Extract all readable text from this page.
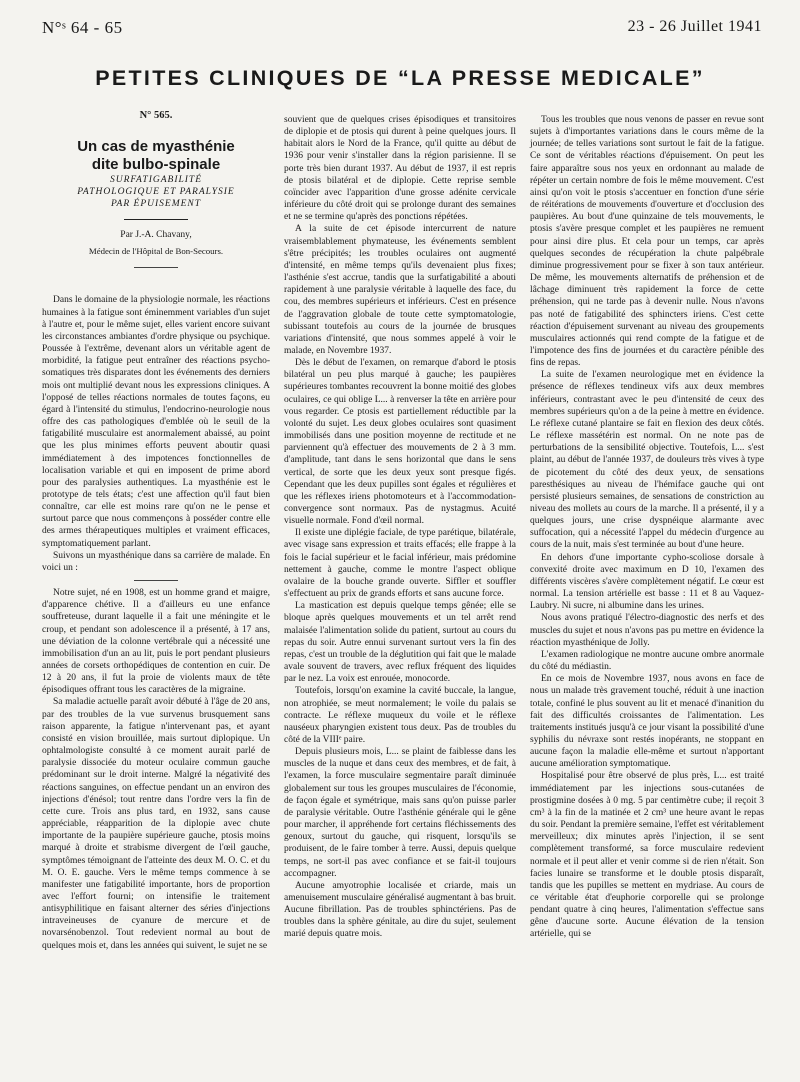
N°ˢ 64 - 65	23 - 26 Juillet 1941
PETITES CLINIQUES DE “LA PRESSE MEDICALE”
N° 565.
Un cas de myasthénie
dite bulbo-spinale
SURFATIGABILITÉ
PATHOLOGIQUE ET PARALYSIE
PAR ÉPUISEMENT
Par J.-A. Chavany,
Médecin de l'Hôpital de Bon-Secours.

Dans le domaine de la physiologie normale, les réactions humaines à la fatigue sont éminemment variables d'un sujet à l'autre et, pour le même sujet, elles varient encore suivant les circonstances ambiantes d'ordre physique ou psychique. Poussée à l'extrême, devenant alors un véritable agent de morbidité, la fatigue peut entraîner des réactions psycho-somatiques très disparates dont les événements des derniers mois ont multiplié devant nous les expressions cliniques. A l'opposé de telles réactions normales de toutes façons, eu égard à l'intensité du stimulus, l'endocrino-neurologie nous offre des cas pathologiques d'emblée où le seuil de la fatigabilité musculaire est anormalement abaissé, au point que les plus minimes efforts peuvent aboutir quasi immédiatement à des impotences fonctionnelles de localisation variable et qui en imposent de prime abord pour des paralysies authentiques. La myasthénie est le prototype de tels états; c'est une affection qu'il faut bien connaître, car elle est moins rare qu'on ne le pense et surtout parce que nous commençons à posséder contre elle des armes thérapeutiques multiples et vraiment efficaces, symptomatiquement parlant.

Suivons un myasthénique dans sa carrière de malade. En voici un :

Notre sujet, né en 1908, est un homme grand et maigre, d'apparence chétive. Il a d'ailleurs eu une enfance souffreteuse, durant laquelle il a fait une méningite et le croup, et pendant son adolescence il a présenté, à 17 ans, une déviation de la colonne vertébrale qui a nécessité une immobilisation d'un an au lit, puis le port pendant plusieurs années de corsets orthopédiques de contention en cuir. De 12 à 20 ans, il fut la proie de violents maux de tête épisodiques offrant tous les caractères de la migraine.

Sa maladie actuelle paraît avoir débuté à l'âge de 20 ans, par des troubles de la vue survenus brusquement sans raison apparente, la fatigue n'intervenant pas, et ayant consisté en vision brouillée, mais surtout diplopique. Un ophtalmologiste consulté à ce moment aurait parlé de paralysie dissociée du moteur oculaire commun gauche prédominant sur le droit interne. Malgré la négativité des réactions sanguines, on effectue pendant un an environ des injections d'énésol; tout rentre dans l'ordre vers la fin de cette cure. Trois ans plus tard, en 1932, sans cause appréciable, réapparition de la diplopie avec chute importante de la paupière supérieure gauche, ptosis moins marqué à droite et strabisme divergent de l'œil gauche, symptômes témoignant de l'atteinte des deux M. O. C. et du M. O. E. gauche. Vers le même temps commence à se manifester une fatigabilité importante, hors de proportion avec l'effort fourni; on intensifie le traitement antisyphilitique en faisant alterner des séries d'injections intraveineuses de cyanure de mercure et de novarsénobenzol. Tout redevient normal au bout de quelques mois et, dans les années qui suivent, le sujet ne se

souvient que de quelques crises épisodiques et transitoires de diplopie et de ptosis qui durent à peine quelques jours. Il habitait alors le Nord de la France, qu'il quitte au début de 1936 pour venir s'installer dans la région parisienne. Il se porte très bien durant 1937. Au début de 1937, il est repris de ptosis bilatéral et de diplopie. Cette reprise semble coïncider avec l'apparition d'une grosse adénite cervicale inférieure du côté droit qui se prolonge durant des semaines et ne se termine qu'après des ponctions répétées.

A la suite de cet épisode intercurrent de nature vraisemblablement phymateuse, les événements semblent s'être précipités; les troubles oculaires ont augmenté d'intensité, en même temps qu'ils devenaient plus fixes; l'asthénie s'est accrue, tandis que la surfatigabilité a abouti rapidement à une paralysie véritable à laquelle des face, du cou, des membres supérieurs et inférieurs. C'est en présence de l'aggravation globale de toute cette symptomatologie, subissant toutefois au cours de la journée de brusques variations d'intensité, que nous sommes appelé à voir le malade, en Novembre 1937.

Dès le début de l'examen, on remarque d'abord le ptosis bilatéral un peu plus marqué à gauche; les paupières supérieures tombantes recouvrent la bonne moitié des globes oculaires, ce qui oblige L... à renverser la tête en arrière pour vous regarder. Ce ptosis est partiellement réductible par la volonté du sujet. Les deux globes oculaires sont quasiment immobilisés dans une position moyenne de rectitude et ne parviennent qu'à effectuer des mouvements de 2 à 3 mm. d'amplitude, tant dans le sens horizontal que dans le sens vertical, de sorte que les deux yeux sont presque figés. Cependant que les deux pupilles sont égales et régulières et que les réflexes iriens photomoteurs et à l'accommodation-convergence sont normaux. Pas de nystagmus. Acuité visuelle normale. Fond d'œil normal.

Il existe une diplégie faciale, de type parétique, bilatérale, avec visage sans expression et traits effacés; elle frappe à la fois le facial supérieur et le facial inférieur, mais prédomine nettement à gauche, comme le montre l'aspect oblique ovalaire de la bouche grande ouverte. Siffler et souffler s'effectuent au prix de grands efforts et sans aucune force.

La mastication est depuis quelque temps gênée; elle se bloque après quelques mouvements et un tel arrêt rend malaisée l'alimentation solide du patient, surtout au cours du repas du soir. Autre ennui survenant surtout vers la fin des repas, c'est un trouble de la déglutition qui fait que le malade avale souvent de travers, avec reflux fréquent des liquides par le nez. La voix est enrouée, monocorde.

Toutefois, lorsqu'on examine la cavité buccale, la langue, non atrophiée, se meut normalement; le voile du palais se contracte. Le réflexe muqueux du voile et le réflexe nauséeux pharyngien existent tous deux. Pas de troubles du côté de la VIIIᵉ paire.

Depuis plusieurs mois, L... se plaint de faiblesse dans les muscles de la nuque et dans ceux des membres, et de fait, à l'examen, la force musculaire segmentaire paraît diminuée globalement sur tous les groupes musculaires de l'économie, de façon égale et symétrique, mais sans qu'on puisse parler de paralysie véritable. Outre l'asthénie générale qui le gêne pour marcher, il appréhende fort certains fléchissements des genoux, surtout du gauche, qui risquent, lorsqu'ils se produisent, de le faire tomber à terre. Aussi, depuis quelque temps, ne sort-il pas avec confiance et se fait-il toujours accompagner.

Aucune amyotrophie localisée et criarde, mais un amenuisement musculaire généralisé augmentant à bas bruit. Aucune fibrillation. Pas de troubles sphinctériens. Pas de troubles dans la sphère génitale, au dire du sujet, seulement marié depuis quatre mois.

Tous les troubles que nous venons de passer en revue sont sujets à d'importantes variations dans le cours même de la journée; de telles variations sont surtout le fait de la fatigue. Ce sont de véritables réactions d'épuisement. On peut les faire apparaître sous nos yeux en ordonnant au malade de répéter un certain nombre de fois le même mouvement. C'est ainsi qu'on voit le ptosis s'accentuer en fonction d'une série de réitérations de mouvements d'ouverture et d'occlusion des paupières. Au bout d'une quinzaine de tels mouvements, le ptosis s'avère presque complet et les paupières ne remuent pour ainsi dire plus. Et cela pour un temps, car après quelques secondes de récupération la chute palpébrale diminue progressivement pour se fixer à son taux antérieur. De même, les mouvements alternatifs de préhension et de lâchage diminuent très rapidement la force de cette préhension, qui ne tarde pas à devenir nulle. Nous n'avons pas noté de fatigabilité des sphincters iriens. C'est cette réaction d'épuisement survenant au niveau des groupements musculaires actionnés qui rend compte de la fatigue et de l'impotence des fins de journées et du caractère pénible des fins de repas.

La suite de l'examen neurologique met en évidence la présence de réflexes tendineux vifs aux deux membres inférieurs, contrastant avec le peu d'intensité de ceux des membres supérieurs qu'on a de la peine à mettre en évidence. Le réflexe cutané plantaire se fait en flexion des deux côtés. Le réflexe massétérin est normal. On ne note pas de perturbations de la sensibilité objective. Toutefois, L... s'est plaint, au début de l'année 1937, de douleurs très vives à type de picotement du côté des deux yeux, de sensations paresthésiques au niveau de l'hémiface gauche qui ont persisté plusieurs semaines, de sensations de constriction au niveau des mollets au cours de la marche. Il a présenté, il y a quelques jours, une crise dyspnéique alarmante avec suffocation, qui a nécessité l'appel du médecin d'urgence au cours de la nuit, mais s'est terminée au bout d'une heure.

En dehors d'une importante cypho-scoliose dorsale à convexité droite avec maximum en D 10, l'examen des différents viscères s'avère complètement négatif. Le cœur est normal. La tension artérielle est basse : 11 et 8 au Vaquez-Laubry. Ni sucre, ni albumine dans les urines.

Nous avons pratiqué l'électro-diagnostic des nerfs et des muscles du sujet et nous n'avons pas pu mettre en évidence la réaction myasthénique de Jolly.

L'examen radiologique ne montre aucune ombre anormale du côté du médiastin.

En ce mois de Novembre 1937, nous avons en face de nous un malade très gravement touché, réduit à une inaction totale, confiné le plus souvent au lit et menacé d'inanition du fait des difficultés croissantes de l'alimentation. Les traitements institués jusqu'à ce jour visant la possibilité d'une syphilis du névraxe sont restés inopérants, ne stoppant en aucune façon la maladie elle-même et surtout n'apportant aucune amélioration symptomatique.

Hospitalisé pour être observé de plus près, L... est traité immédiatement par les injections sous-cutanées de prostigmine dosées à 0 mg. 5 par centimètre cube; il reçoit 3 cm³ à la fin de la matinée et 2 cm³ une heure avant le repas du soir. Pendant la première semaine, l'effet est véritablement merveilleux; dix minutes après l'injection, il se sent complètement transformé, sa force musculaire redevient normale et il peut aller et venir comme si de rien n'était. Son facies lunaire se transforme et le double ptosis disparaît, tandis que les pupilles se mettent en mydriase. Au cours de ce véritable état d'euphorie corporelle qui se prolonge pendant quatre à cinq heures, l'alimentation s'effectue sans gêne d'aucune sorte. Aucune élévation de la tension artérielle, qui se
